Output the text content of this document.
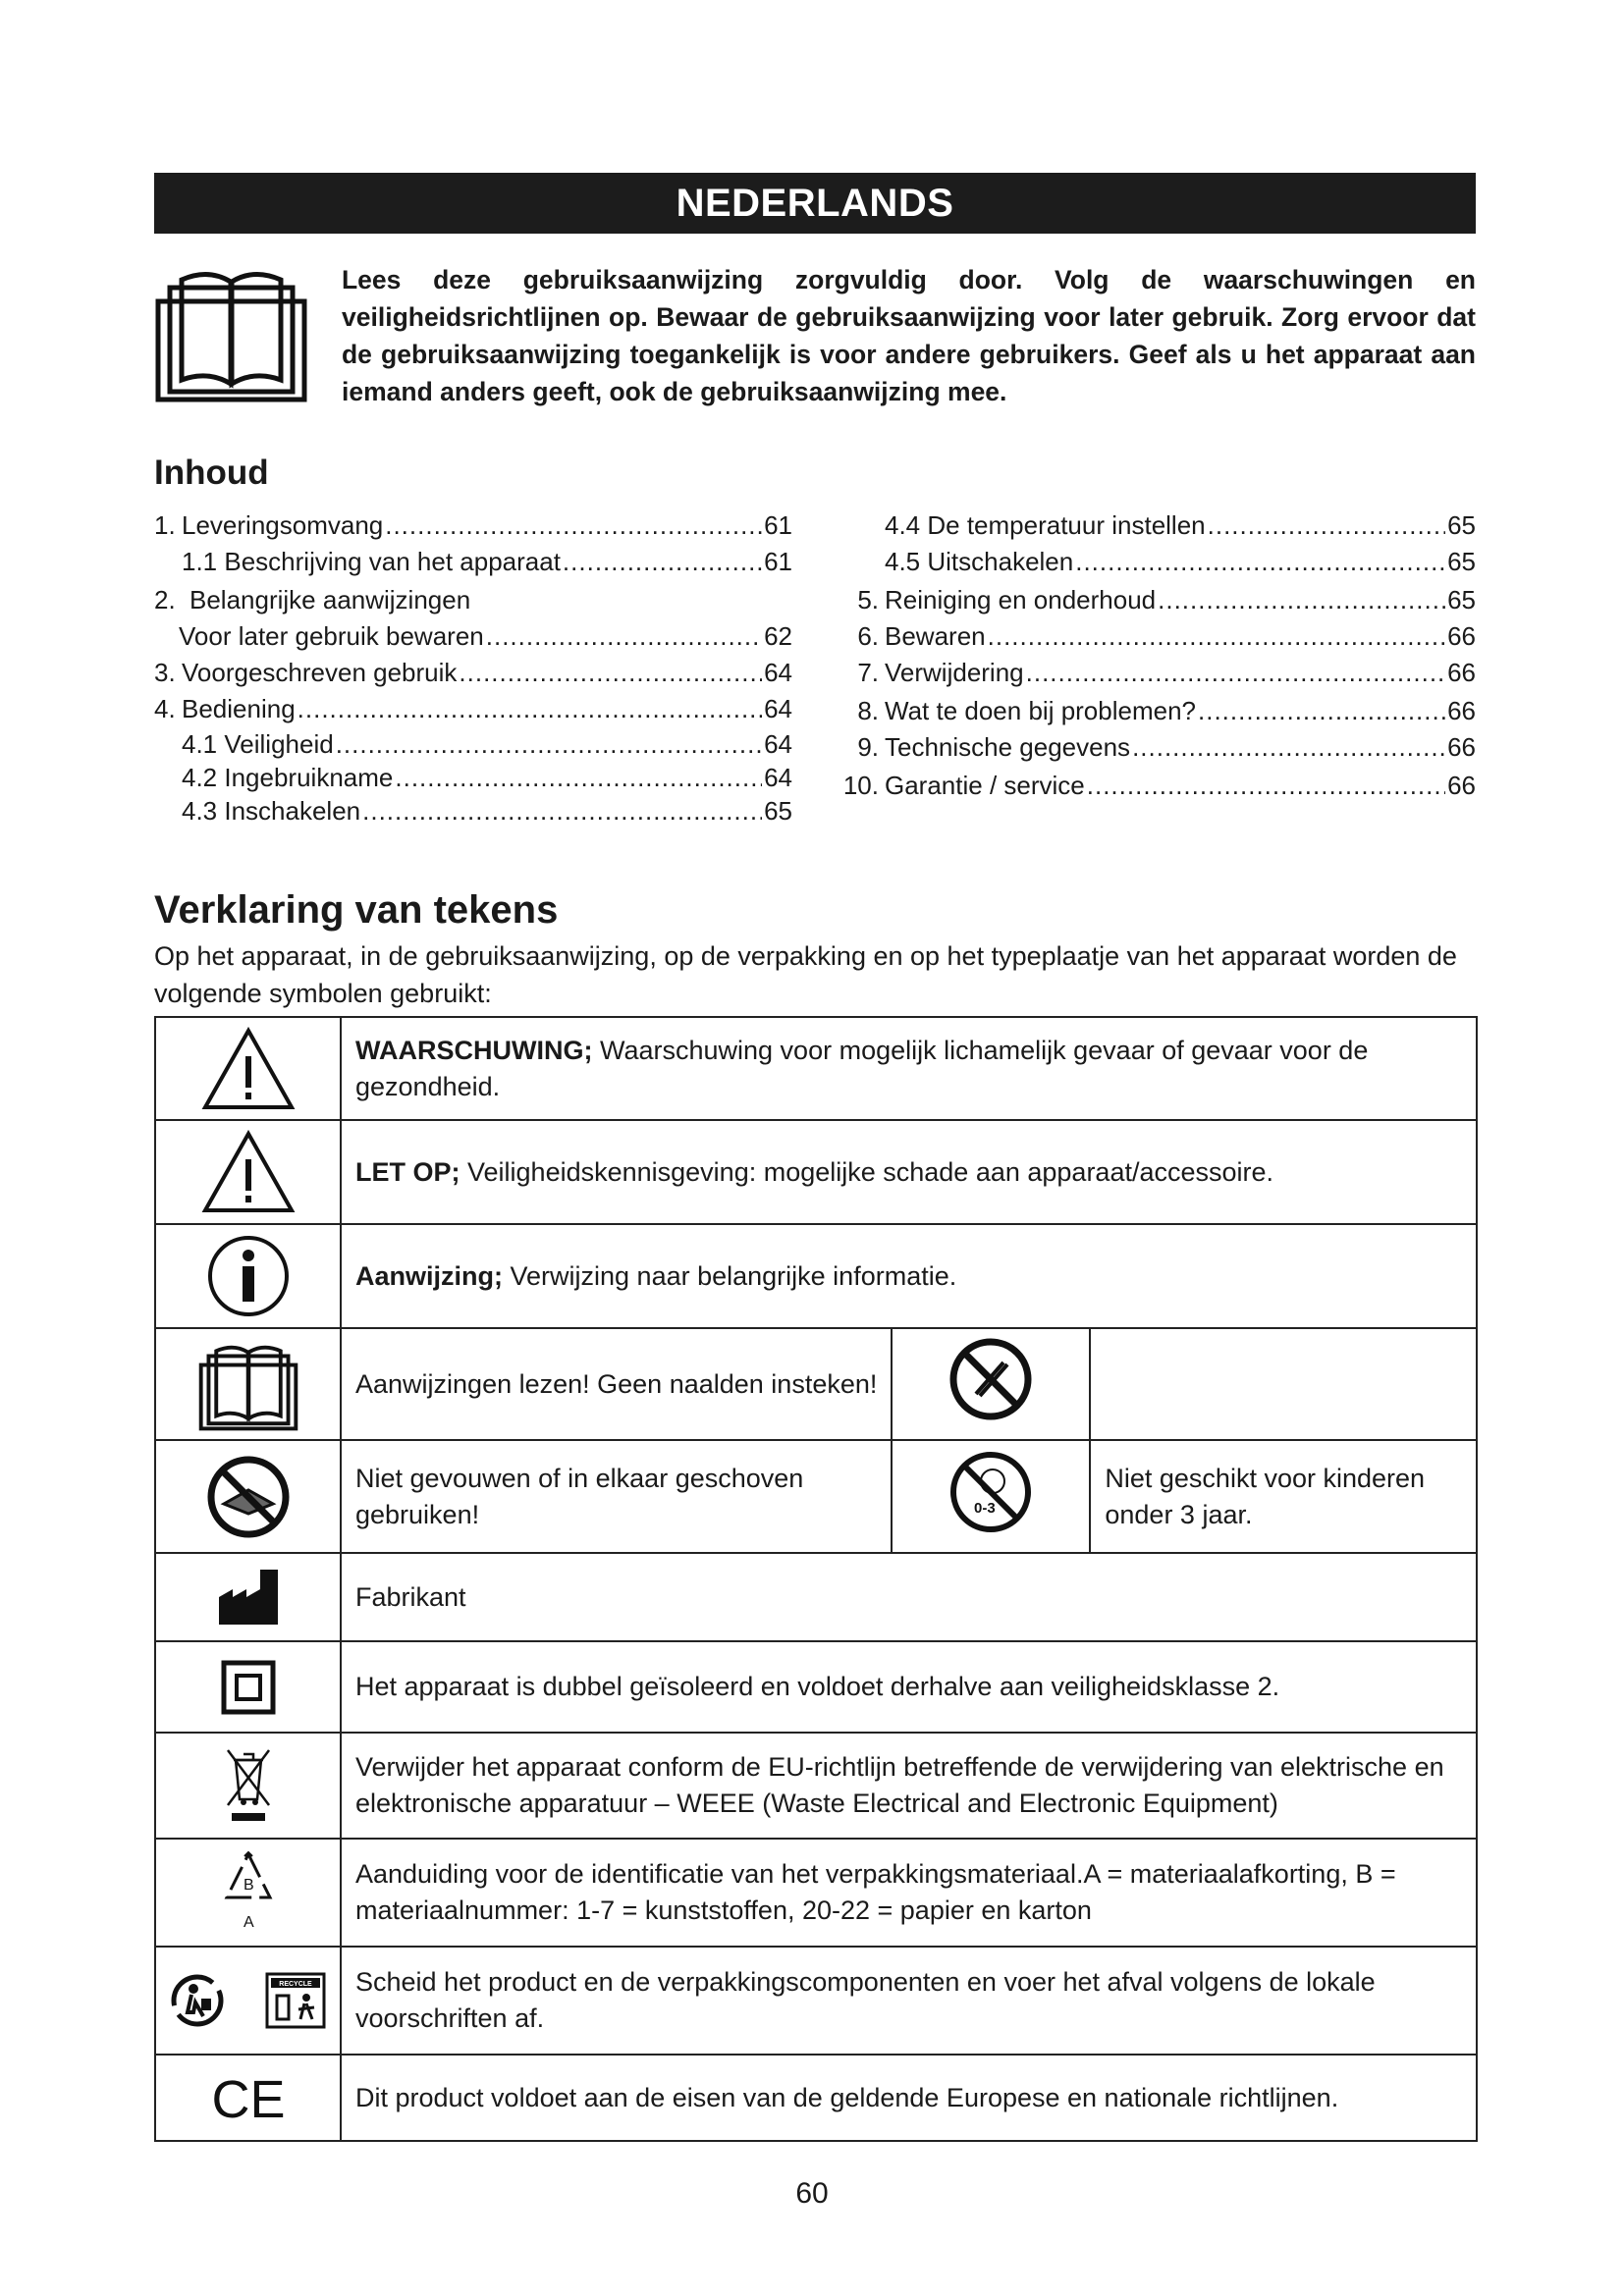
NEDERLANDS
Lees deze gebruiksaanwijzing zorgvuldig door. Volg de waarschuwingen en veiligheidsrichtlijnen op. Bewaar de gebruiksaanwijzing voor later gebruik. Zorg ervoor dat de gebruiksaanwijzing toegankelijk is voor andere gebruikers. Geef als u het apparaat aan iemand anders geeft, ook de gebruiksaanwijzing mee.
Inhoud
1. Leveringsomvang .....	61
1.1 Beschrijving van het apparaat .....	61
2. Belangrijke aanwijzingen
Voor later gebruik bewaren .....	62
3. Voorgeschreven gebruik .....	64
4. Bediening .....	64
4.1 Veiligheid .....	64
4.2 Ingebruikname .....	64
4.3 Inschakelen .....	65
4.4 De temperatuur instellen .....	65
4.5 Uitschakelen .....	65
5. Reiniging en onderhoud .....	65
6. Bewaren .....	66
7. Verwijdering .....	66
8. Wat te doen bij problemen? .....	66
9. Technische gegevens .....	66
10. Garantie / service .....	66
Verklaring van tekens
Op het apparaat, in de gebruiksaanwijzing, op de verpakking en op het typeplaatje van het apparaat worden de volgende symbolen gebruikt:
	WAARSCHUWING; Waarschuwing voor mogelijk lichamelijk gevaar of gevaar voor de gezondheid.		

	LET OP; Veiligheidskennisgeving: mogelijke schade aan apparaat/accessoire.		

	Aanwijzing; Verwijzing naar belangrijke informatie.		

	Aanwijzingen lezen! Geen naalden insteken!		

	Niet gevouwen of in elkaar geschoven gebruiken!	0-3	Niet geschikt voor kinderen onder 3 jaar.

	Fabrikant		

	Het apparaat is dubbel geïsoleerd en voldoet derhalve aan veiligheidsklasse 2.		

	Verwijder het apparaat conform de EU-richtlijn betreffende de verwijdering van elektrische en elektronische apparatuur – WEEE (Waste Electrical and Electronic Equipment)		

B
A	Aanduiding voor de identificatie van het verpakkingsmateriaal.A = materiaalafkorting, B = materiaalnummer: 1-7 = kunststoffen, 20-22 = papier en karton		

RECYCLE	Scheid het product en de verpakkingscomponenten en voer het afval volgens de lokale voorschriften af.		

CE	Dit product voldoet aan de eisen van de geldende Europese en nationale richtlijnen.		
60
